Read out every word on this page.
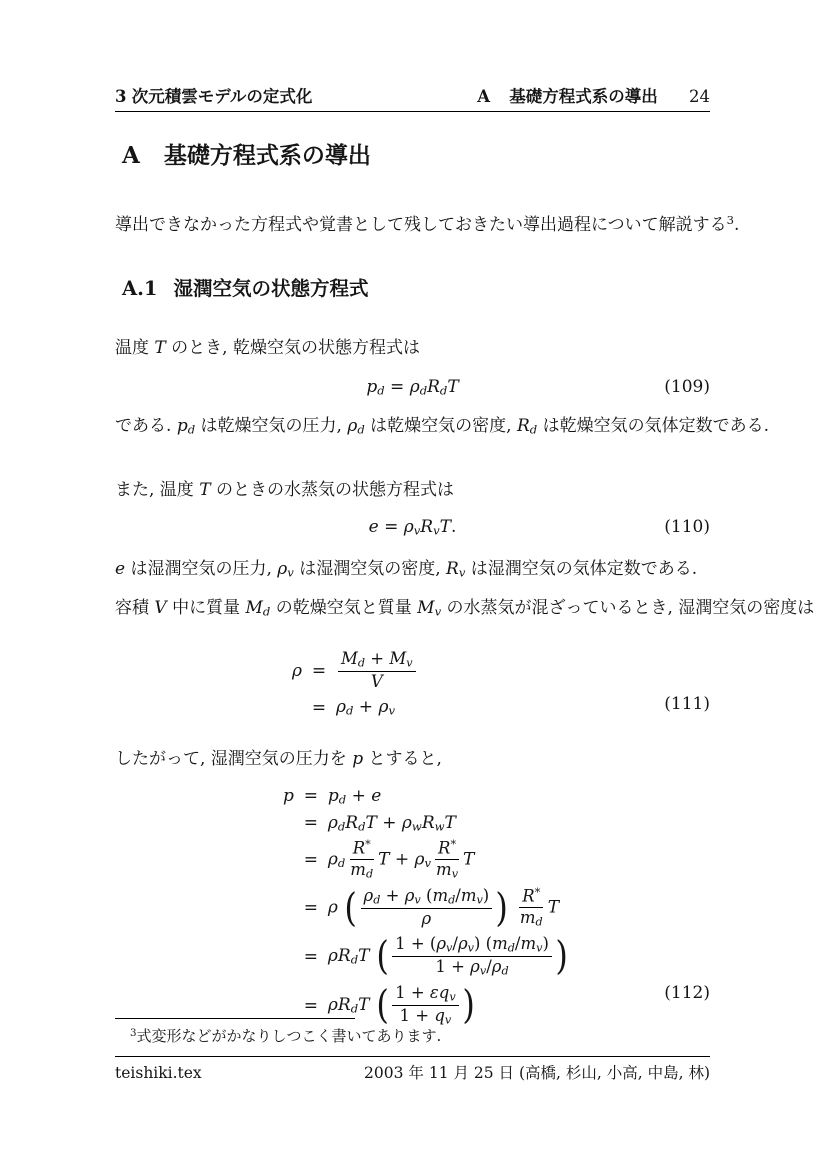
3 次元積雲モデルの定式化	A 基礎方程式系の導出 24
A 基礎方程式系の導出
導出できなかった方程式や覚書として残しておきたい導出過程について解説する$^3$.
A.1 湿潤空気の状態方程式
温度 T のとき, 乾燥空気の状態方程式は
pd = ρdRdT	(109)
である. pd は乾燥空気の圧力, ρd は乾燥空気の密度, Rd は乾燥空気の気体定数である.
また, 温度 T のときの水蒸気の状態方程式は
e = ρvRvT.	(110)
e は湿潤空気の圧力, ρv は湿潤空気の密度, Rv は湿潤空気の気体定数である.
容積 V 中に質量 Md の乾燥空気と質量 Mv の水蒸気が混ざっているとき, 湿潤空気の密度は
$\rho = \frac{Md + Mv}{V}$
= ρd + ρv	(111)
したがって, 湿潤空気の圧力を p とすると,
p = pd + e
= ρdRdT + ρwRwT
= ρd $\frac{R^*}{md}$ T + ρv $\frac{R^*}{mv}$ T
= ρ ( $\frac{\rho d + \rho v (md/mv)}{\rho}$ )
$\frac{R^*}{md}$ T
= ρRdT ( $\frac{1 + (\rho v/\rho v) (md/mv)}{1 + \rho v/\rho d}$ )
= ρRdT ( $\frac{\text{1 + εqv}}{1 + qv}$ )	(112)
$^3$式変形などがかなりしつこく書いてあります.
teishiki.tex	2003 年 11 月 25 日 (高橋, 杉山, 小高, 中島, 林)
